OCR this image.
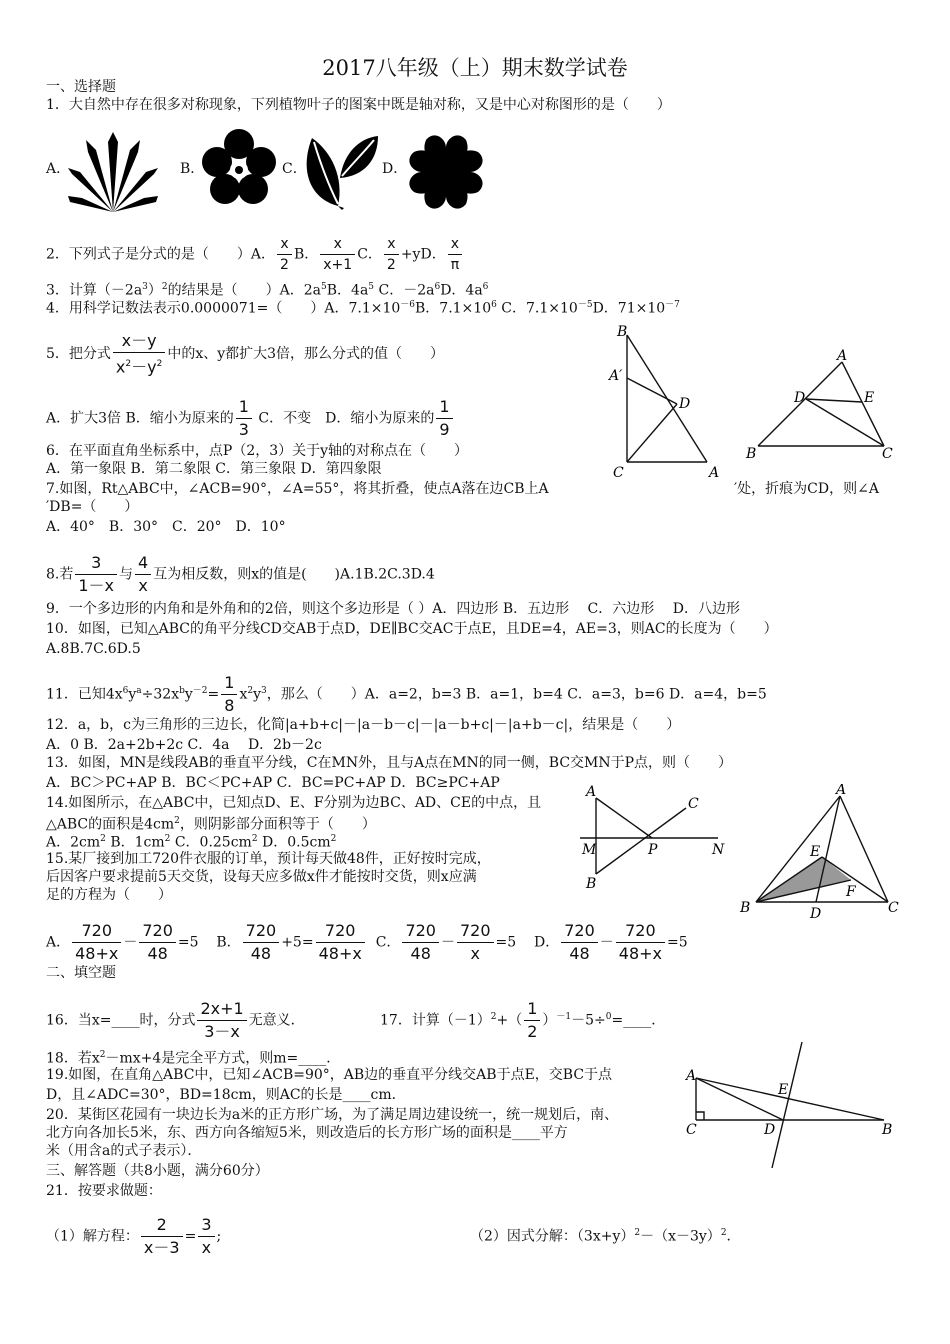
2017八年级（上）期末数学试卷
一、选择题
1．大自然中存在很多对称现象，下列植物叶子的图案中既是轴对称，又是中心对称图形的是（　　）
A．	B．	C．	D．
2．下列式子是分式的是（　　）A． $\frac{x}{2}$ B． $\frac{x}{x+1}$ C． $\frac{x}{2} +yD$． $\frac{x}{\pi}$
3．计算$(-2a^3)^2$的结果是（　　）A．$2a^5B$．$4a^5$ C．$-2a^6D$．$4a^6$
4．用科学记数法表示0.0000071=（　　）A．$7.1\times 10^{-6}B$．$7.1\times 10^6$ C．$7.1\times 10^{-5}D$．$71\times 10^{-7}$
5．把分式 $\frac{x-y}{x^2-y^2}$ 中的x、y都扩大3倍，那么分式的值（　　）
A．扩大3倍 B．缩小为原来的 $\frac{1}{3}$ C．不变　D．缩小为原来的 $\frac{1}{9}$
6．在平面直角坐标系中，点P（2，3）关于y轴的对称点在（　　）
A．第一象限 B．第二象限 C．第三象限 D．第四象限
7.如图，Rt△ABC中，∠ACB=90°，∠A=55°，将其折叠，使点A落在边CB上A	′处，折痕为CD，则∠A
′DB=（　　）
A．40°　B．30°　C．20°　D．10°
B
A′
D
C	A
A
D	E
B	C
8.若 $\frac{3}{1-x}$ 与 $\frac{4}{x}$ 互为相反数，则x的值是(　　)A.1B.2C.3D.4
9．一个多边形的内角和是外角和的2倍，则这个多边形是（ ）A．四边形 B．五边形　 C．六边形　 D．八边形
10．如图，已知△ABC的角平分线CD交AB于点D，DE∥BC交AC于点E，且DE=4，AE=3，则AC的长度为（　　）
A.8B.7C.6D.5
11．已知$4x^6y^a\div 32x^by^{-2}= \frac{1}{8} x^2y^3$，那么（　　）A．a=2，b=3 B．a=1，b=4 C．a=3，b=6 D．a=4，b=5
12．a，b，c为三角形的三边长，化简|a+b+c|－|a－b－c|－|a－b+c|－|a+b－c|，结果是（　　）
A．0 B．2a+2b+2c C．4a　 D．2b－2c
13．如图，MN是线段AB的垂直平分线，C在MN外，且与A点在MN的同一侧，BC交MN于P点，则（　　）
A．BC＞PC+AP B．BC＜PC+AP C．BC=PC+AP D．BC≥PC+AP
14.如图所示，在△ABC中，已知点D、E、F分别为边BC、AD、CE的中点，且
△ABC的面积是$4cm^2$，则阴影部分面积等于（　　）
A．$2cm^2$ B．$1cm^2$ C．$0.25cm^2$ D．$0.5cm^2$
15.某厂接到加工720件衣服的订单，预计每天做48件，正好按时完成，
后因客户要求提前5天交货，设每天应多做x件才能按时交货，则x应满
足的方程为（　　）
A． $\frac{720}{48+x} - \frac{720}{48} =5$ B． $\frac{720}{48} +5= \frac{720}{48+x}$ C． $\frac{720}{48} - \frac{720}{x} =5$ D． $\frac{720}{48} - \frac{720}{48+x} =5$
A
C
M	P	N
B
A
E
F
B	D	C
二、填空题
16．当x=____时，分式 $\frac{2x+1}{3-x}$ 无意义．	17．计算$(-1)^2+( \frac{1}{2}$ ）$^{-1}-5\div^0=\_\_\_\_$．
18．若$x^2-mx+4$是完全平方式，则m=____．
19.如图，在直角△ABC中，已知∠ACB=90°，AB边的垂直平分线交AB于点E，交BC于点
D，且∠ADC=30°，BD=18cm，则AC的长是____cm．
20．某街区花园有一块边长为a米的正方形广场，为了满足周边建设统一，统一规划后，南、
北方向各加长5米，东、西方向各缩短5米，则改造后的长方形广场的面积是____平方
米（用含a的式子表示）．
A
E
C	D	B
三、解答题（共8小题，满分60分）
21．按要求做题：
（1）解方程： $\frac{2}{x-3} = \frac{3}{x}$ ;	（2）因式分解：$(3x+y)^2-(x-3y)^2$．
